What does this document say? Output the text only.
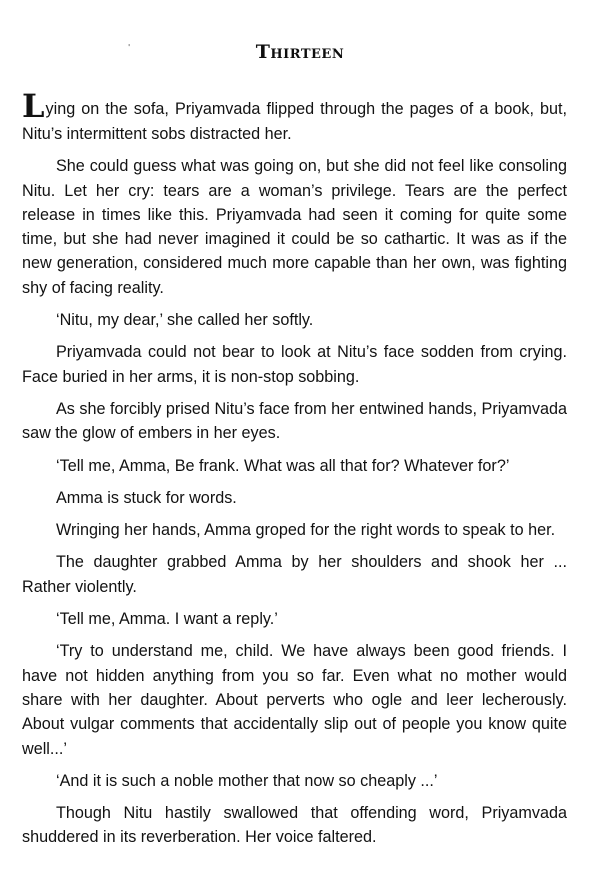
'	Thirteen

Lying on the sofa, Priyamvada flipped through the pages of a book, but, Nitu’s intermittent sobs distracted her.

She could guess what was going on, but she did not feel like consoling Nitu. Let her cry: tears are a woman’s privilege. Tears are the perfect release in times like this. Priyamvada had seen it coming for quite some time, but she had never imagined it could be so cathartic. It was as if the new generation, considered much more capable than her own, was fighting shy of facing reality.

‘Nitu, my dear,’ she called her softly.

Priyamvada could not bear to look at Nitu’s face sodden from crying. Face buried in her arms, it is non-stop sobbing.

As she forcibly prised Nitu’s face from her entwined hands, Priyamvada saw the glow of embers in her eyes.

‘Tell me, Amma, Be frank. What was all that for? Whatever for?’

Amma is stuck for words.

Wringing her hands, Amma groped for the right words to speak to her.

The daughter grabbed Amma by her shoulders and shook her ... Rather violently.

‘Tell me, Amma. I want a reply.’

‘Try to understand me, child. We have always been good friends. I have not hidden anything from you so far. Even what no mother would share with her daughter. About perverts who ogle and leer lecherously. About vulgar comments that accidentally slip out of people you know quite well...’

‘And it is such a noble mother that now so cheaply ...’

Though Nitu hastily swallowed that offending word, Priyamvada shuddered in its reverberation. Her voice faltered.
